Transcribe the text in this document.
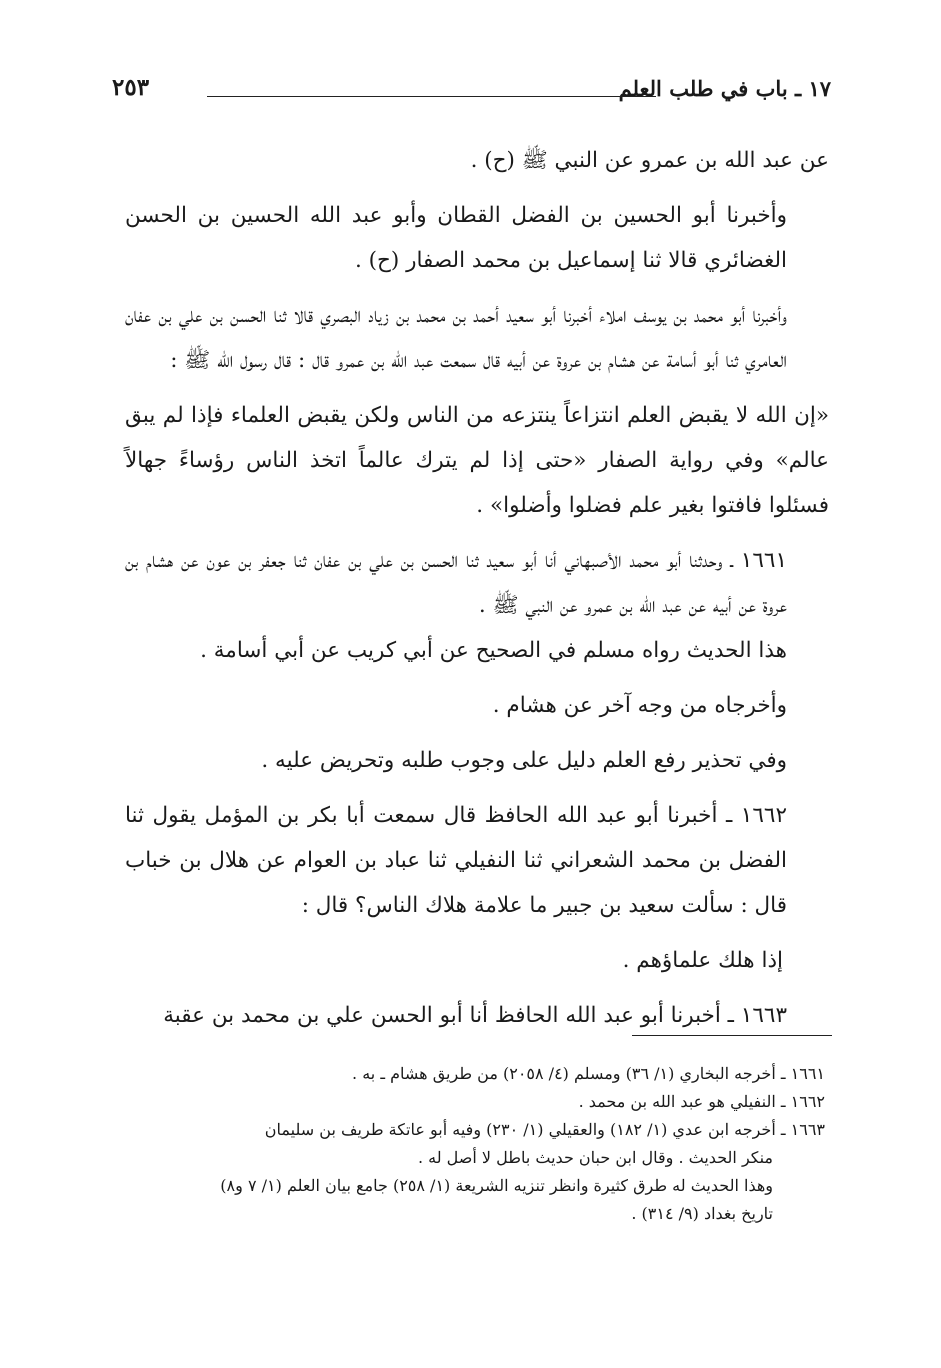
١٧ ـ باب في طلب العلم
٢٥٣

عن عبد الله بن عمرو عن النبي ﷺ (ح) .

وأخبرنا أبو الحسين بن الفضل القطان وأبو عبد الله الحسين بن الحسن الغضائري قالا ثنا إسماعيل بن محمد الصفار (ح) .

وأخبرنا أبو محمد بن يوسف املاء أخبرنا أبو سعيد أحمد بن محمد بن زياد البصري قالا ثنا الحسن بن علي بن عفان العامري ثنا أبو أسامة عن هشام بن عروة عن أبيه قال سمعت عبد الله بن عمرو قال : قال رسول الله ﷺ :

«إن الله لا يقبض العلم انتزاعاً ينتزعه من الناس ولكن يقبض العلماء فإذا لم يبق عالم» وفي رواية الصفار «حتى إذا لم يترك عالماً اتخذ الناس رؤساءً جهالاً فسئلوا فافتوا بغير علم فضلوا وأضلوا» .

١٦٦١ ـ وحدثنا أبو محمد الأصبهاني أنا أبو سعيد ثنا الحسن بن علي بن عفان ثنا جعفر بن عون عن هشام بن عروة عن أبيه عن عبد الله بن عمرو عن النبي ﷺ .

هذا الحديث رواه مسلم في الصحيح عن أبي كريب عن أبي أسامة .

وأخرجاه من وجه آخر عن هشام .

وفي تحذير رفع العلم دليل على وجوب طلبه وتحريض عليه .

١٦٦٢ ـ أخبرنا أبو عبد الله الحافظ قال سمعت أبا بكر بن المؤمل يقول ثنا الفضل بن محمد الشعراني ثنا النفيلي ثنا عباد بن العوام عن هلال بن خباب قال : سألت سعيد بن جبير ما علامة هلاك الناس؟ قال :

إذا هلك علماؤهم .

١٦٦٣ ـ أخبرنا أبو عبد الله الحافظ أنا أبو الحسن علي بن محمد بن عقبة

١٦٦١ ـ أخرجه البخاري (١/ ٣٦) ومسلم (٤/ ٢٠٥٨) من طريق هشام ـ به .

١٦٦٢ ـ النفيلي هو عبد الله بن محمد .

١٦٦٣ ـ أخرجه ابن عدي (١/ ١٨٢) والعقيلي (١/ ٢٣٠) وفيه أبو عاتكة طريف بن سليمان

منكر الحديث . وقال ابن حبان حديث باطل لا أصل له .

وهذا الحديث له طرق كثيرة وانظر تنزيه الشريعة (١/ ٢٥٨) جامع بيان العلم (١/ ٧ و٨)

تاريخ بغداد (٩/ ٣١٤) .
